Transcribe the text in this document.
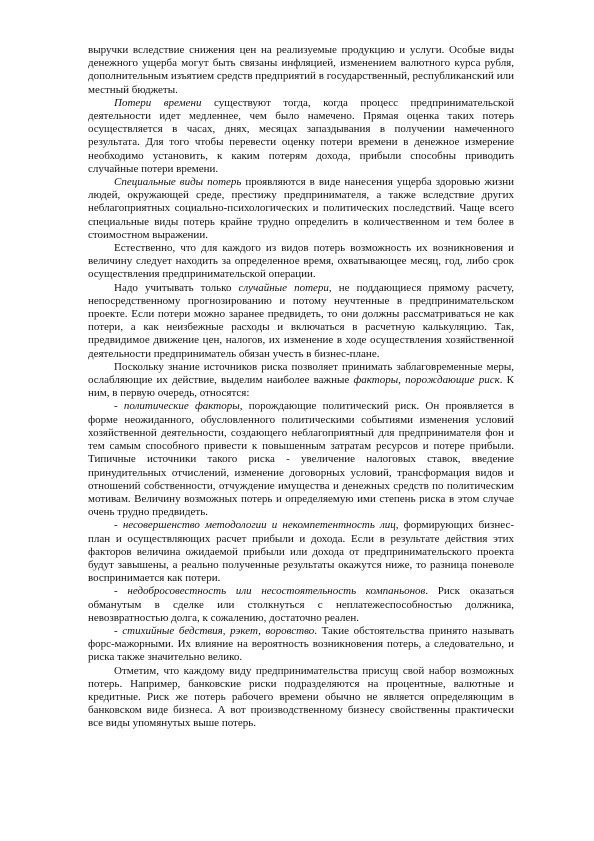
выручки вследствие снижения цен на реализуемые продукцию и услуги. Особые виды денежного ущерба могут быть связаны инфляцией, изменением валютного курса рубля, дополнительным изъятием средств предприятий в государственный, республиканский или местный бюджеты.

Потери времени существуют тогда, когда процесс предпринимательской деятельности идет медленнее, чем было намечено. Прямая оценка таких потерь осуществляется в часах, днях, месяцах запаздывания в получении намеченного результата. Для того чтобы перевести оценку потери времени в денежное измерение необходимо установить, к каким потерям дохода, прибыли способны приводить случайные потери времени.

Специальные виды потерь проявляются в виде нанесения ущерба здоровью жизни людей, окружающей среде, престижу предпринимателя, а также вследствие других неблагоприятных социально-психологических и политических последствий. Чаще всего специальные виды потерь крайне трудно определить в количественном и тем более в стоимостном выражении.

Естественно, что для каждого из видов потерь возможность их возникновения и величину следует находить за определенное время, охватывающее месяц, год, либо срок осуществления предпринимательской операции.

Надо учитывать только случайные потери, не поддающиеся прямому расчету, непосредственному прогнозированию и потому неучтенные в предпринимательском проекте. Если потери можно заранее предвидеть, то они должны рассматриваться не как потери, а как неизбежные расходы и включаться в расчетную калькуляцию. Так, предвидимое движение цен, налогов, их изменение в ходе осуществления хозяйственной деятельности предприниматель обязан учесть в бизнес-плане.

Поскольку знание источников риска позволяет принимать заблаговременные меры, ослабляющие их действие, выделим наиболее важные факторы, порождающие риск. К ним, в первую очередь, относятся:

- политические факторы, порождающие политический риск. Он проявляется в форме неожиданного, обусловленного политическими событиями изменения условий хозяйственной деятельности, создающего неблагоприятный для предпринимателя фон и тем самым способного привести к повышенным затратам ресурсов и потере прибыли. Типичные источники такого риска - увеличение налоговых ставок, введение принудительных отчислений, изменение договорных условий, трансформация видов и отношений собственности, отчуждение имущества и денежных средств по политическим мотивам. Величину возможных потерь и определяемую ими степень риска в этом случае очень трудно предвидеть.

- несовершенство методологии и некомпетентность лиц, формирующих бизнес-план и осуществляющих расчет прибыли и дохода. Если в результате действия этих факторов величина ожидаемой прибыли или дохода от предпринимательского проекта будут завышены, а реально полученные результаты окажутся ниже, то разница поневоле воспринимается как потери.

- недобросовестность или несостоятельность компаньонов. Риск оказаться обманутым в сделке или столкнуться с неплатежеспособностью должника, невозвратностью долга, к сожалению, достаточно реален.

- стихийные бедствия, рэкет, воровство. Такие обстоятельства принято называть форс-мажорными. Их влияние на вероятность возникновения потерь, а следовательно, и риска также значительно велико.

Отметим, что каждому виду предпринимательства присущ свой набор возможных потерь. Например, банковские риски подразделяются на процентные, валютные и кредитные. Риск же потерь рабочего времени обычно не является определяющим в банковском виде бизнеса. А вот производственному бизнесу свойственны практически все виды упомянутых выше потерь.
